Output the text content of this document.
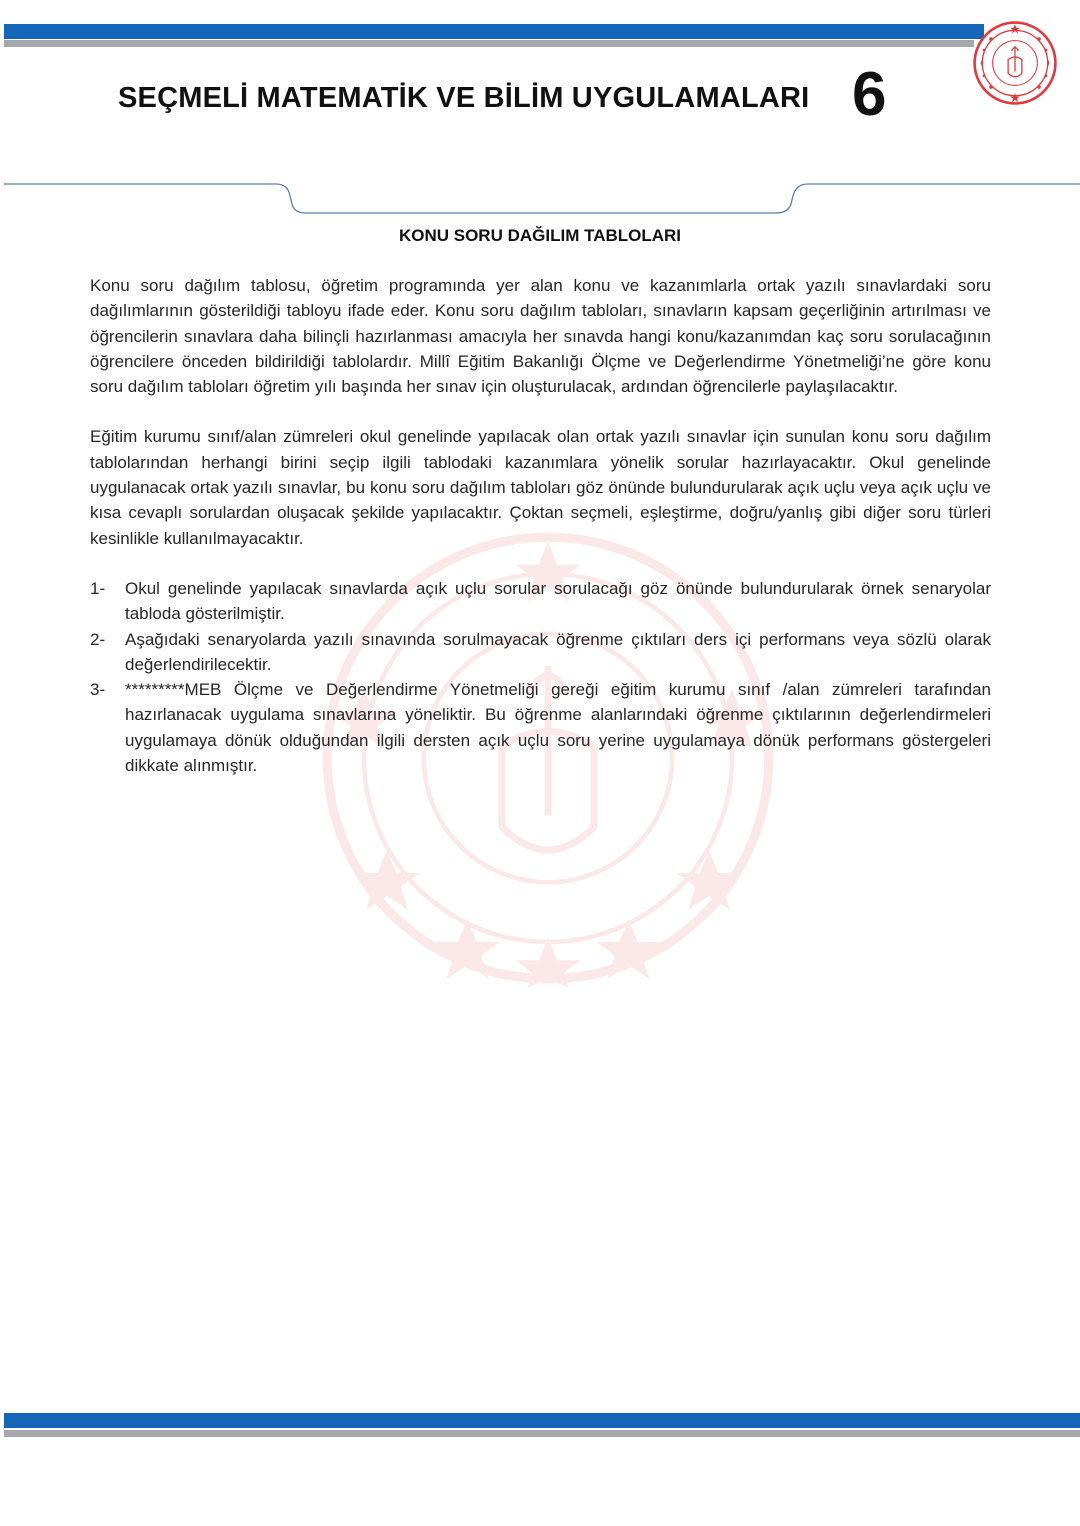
SEÇMELİ MATEMATİK VE BİLİM UYGULAMALARI 6
KONU SORU DAĞILIM TABLOLARI

Konu soru dağılım tablosu, öğretim programında yer alan konu ve kazanımlarla ortak yazılı sınavlardaki soru dağılımlarının gösterildiği tabloyu ifade eder. Konu soru dağılım tabloları, sınavların kapsam geçerliğinin artırılması ve öğrencilerin sınavlara daha bilinçli hazırlanması amacıyla her sınavda hangi konu/kazanımdan kaç soru sorulacağının öğrencilere önceden bildirildiği tablolardır. Millî Eğitim Bakanlığı Ölçme ve Değerlendirme Yönetmeliği’ne göre konu soru dağılım tabloları öğretim yılı başında her sınav için oluşturulacak, ardından öğrencilerle paylaşılacaktır.

Eğitim kurumu sınıf/alan zümreleri okul genelinde yapılacak olan ortak yazılı sınavlar için sunulan konu soru dağılım tablolarından herhangi birini seçip ilgili tablodaki kazanımlara yönelik sorular hazırlayacaktır. Okul genelinde uygulanacak ortak yazılı sınavlar, bu konu soru dağılım tabloları göz önünde bulundurularak açık uçlu veya açık uçlu ve kısa cevaplı sorulardan oluşacak şekilde yapılacaktır. Çoktan seçmeli, eşleştirme, doğru/yanlış gibi diğer soru türleri kesinlikle kullanılmayacaktır.

1-	Okul genelinde yapılacak sınavlarda açık uçlu sorular sorulacağı göz önünde bulundurularak örnek senaryolar tabloda gösterilmiştir.
2-	Aşağıdaki senaryolarda yazılı sınavında sorulmayacak öğrenme çıktıları ders içi performans veya sözlü olarak değerlendirilecektir.
3-	*********MEB Ölçme ve Değerlendirme Yönetmeliği gereği eğitim kurumu sınıf /alan zümreleri tarafından hazırlanacak uygulama sınavlarına yöneliktir. Bu öğrenme alanlarındaki öğrenme çıktılarının değerlendirmeleri uygulamaya dönük olduğundan ilgili dersten açık uçlu soru yerine uygulamaya dönük performans göstergeleri dikkate alınmıştır.
